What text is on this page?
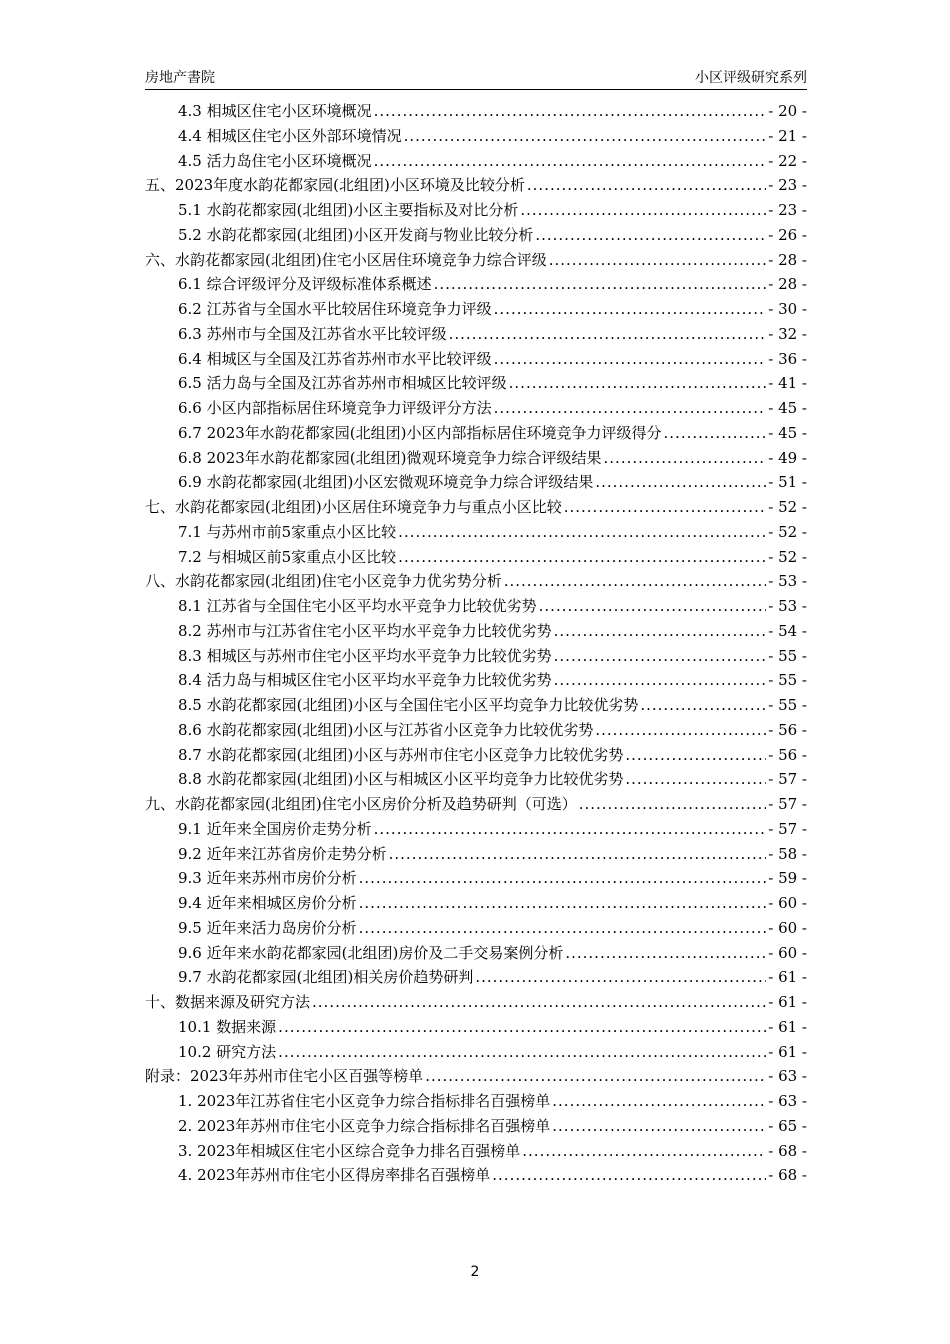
房地产書院	小区评级研究系列
4.3 相城区住宅小区环境概况 .....	- 20 -
4.4 相城区住宅小区外部环境情况 .....	- 21 -
4.5 活力岛住宅小区环境概况 .....	- 22 -
五、2023年度水韵花都家园(北组团)小区环境及比较分析 .....	- 23 -
5.1 水韵花都家园(北组团)小区主要指标及对比分析 .....	- 23 -
5.2 水韵花都家园(北组团)小区开发商与物业比较分析 .....	- 26 -
六、水韵花都家园(北组团)住宅小区居住环境竞争力综合评级 .....	- 28 -
6.1 综合评级评分及评级标准体系概述 .....	- 28 -
6.2 江苏省与全国水平比较居住环境竞争力评级 .....	- 30 -
6.3 苏州市与全国及江苏省水平比较评级 .....	- 32 -
6.4 相城区与全国及江苏省苏州市水平比较评级 .....	- 36 -
6.5 活力岛与全国及江苏省苏州市相城区比较评级 .....	- 41 -
6.6 小区内部指标居住环境竞争力评级评分方法 .....	- 45 -
6.7 2023年水韵花都家园(北组团)小区内部指标居住环境竞争力评级得分 .....	- 45 -
6.8 2023年水韵花都家园(北组团)微观环境竞争力综合评级结果 .....	- 49 -
6.9 水韵花都家园(北组团)小区宏微观环境竞争力综合评级结果 .....	- 51 -
七、水韵花都家园(北组团)小区居住环境竞争力与重点小区比较 .....	- 52 -
7.1 与苏州市前5家重点小区比较 .....	- 52 -
7.2 与相城区前5家重点小区比较 .....	- 52 -
八、水韵花都家园(北组团)住宅小区竞争力优劣势分析 .....	- 53 -
8.1 江苏省与全国住宅小区平均水平竞争力比较优劣势 .....	- 53 -
8.2 苏州市与江苏省住宅小区平均水平竞争力比较优劣势 .....	- 54 -
8.3 相城区与苏州市住宅小区平均水平竞争力比较优劣势 .....	- 55 -
8.4 活力岛与相城区住宅小区平均水平竞争力比较优劣势 .....	- 55 -
8.5 水韵花都家园(北组团)小区与全国住宅小区平均竞争力比较优劣势 .....	- 55 -
8.6 水韵花都家园(北组团)小区与江苏省小区竞争力比较优劣势 .....	- 56 -
8.7 水韵花都家园(北组团)小区与苏州市住宅小区竞争力比较优劣势 .....	- 56 -
8.8 水韵花都家园(北组团)小区与相城区小区平均竞争力比较优劣势 .....	- 57 -
九、水韵花都家园(北组团)住宅小区房价分析及趋势研判（可选） .....	- 57 -
9.1 近年来全国房价走势分析 .....	- 57 -
9.2 近年来江苏省房价走势分析 .....	- 58 -
9.3 近年来苏州市房价分析 .....	- 59 -
9.4 近年来相城区房价分析 .....	- 60 -
9.5 近年来活力岛房价分析 .....	- 60 -
9.6 近年来水韵花都家园(北组团)房价及二手交易案例分析 .....	- 60 -
9.7 水韵花都家园(北组团)相关房价趋势研判 .....	- 61 -
十、数据来源及研究方法 .....	- 61 -
10.1 数据来源 .....	- 61 -
10.2 研究方法 .....	- 61 -
附录：2023年苏州市住宅小区百强等榜单 .....	- 63 -
1. 2023年江苏省住宅小区竞争力综合指标排名百强榜单 .....	- 63 -
2. 2023年苏州市住宅小区竞争力综合指标排名百强榜单 .....	- 65 -
3. 2023年相城区住宅小区综合竞争力排名百强榜单 .....	- 68 -
4. 2023年苏州市住宅小区得房率排名百强榜单 .....	- 68 -
2
